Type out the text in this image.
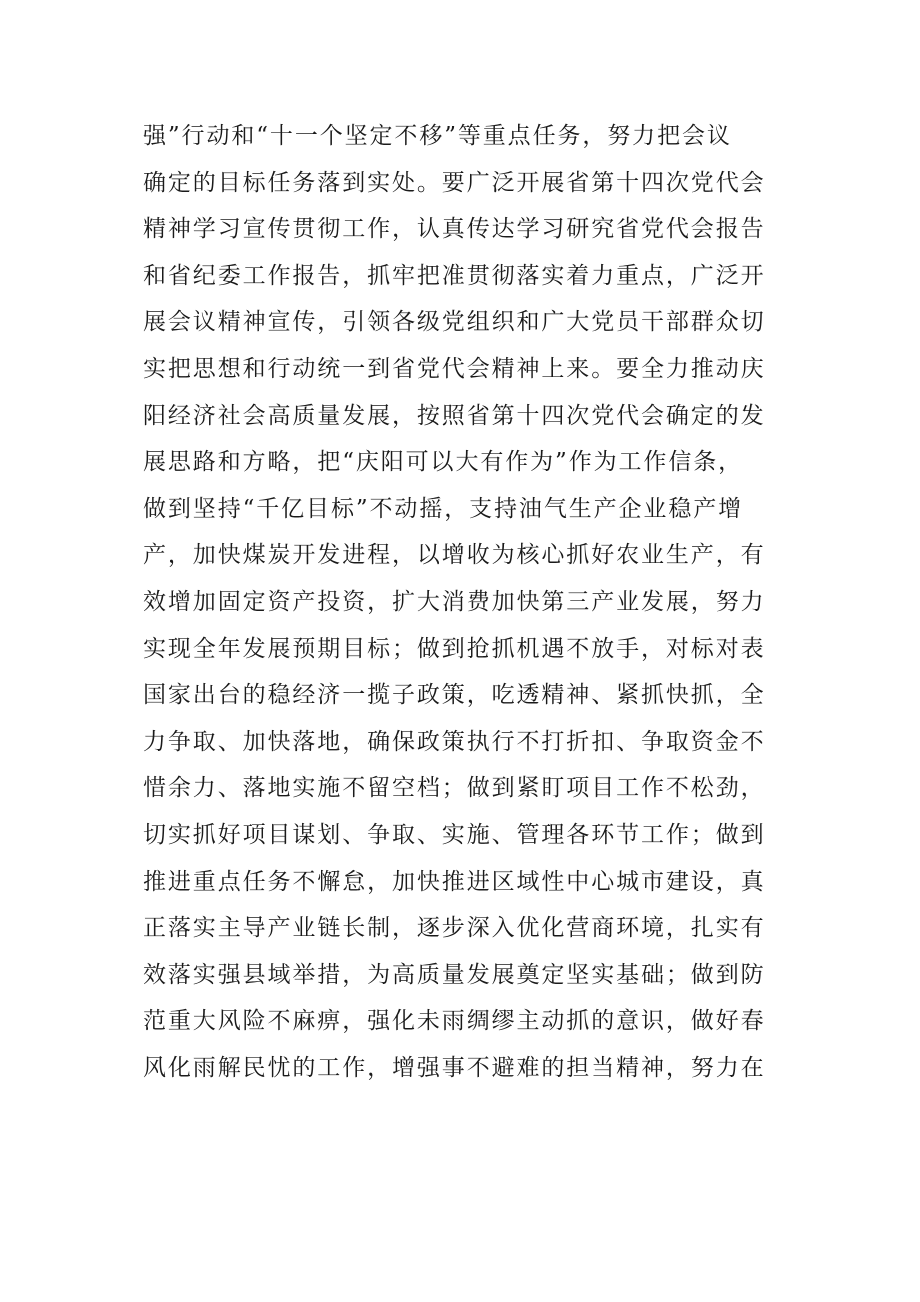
强”行动和“十一个坚定不移”等重点任务，努力把会议
确定的目标任务落到实处。要广泛开展省第十四次党代会
精神学习宣传贯彻工作，认真传达学习研究省党代会报告
和省纪委工作报告，抓牢把准贯彻落实着力重点，广泛开
展会议精神宣传，引领各级党组织和广大党员干部群众切
实把思想和行动统一到省党代会精神上来。要全力推动庆
阳经济社会高质量发展，按照省第十四次党代会确定的发
展思路和方略，把“庆阳可以大有作为”作为工作信条，
做到坚持“千亿目标”不动摇，支持油气生产企业稳产增
产，加快煤炭开发进程，以增收为核心抓好农业生产，有
效增加固定资产投资，扩大消费加快第三产业发展，努力
实现全年发展预期目标；做到抢抓机遇不放手，对标对表
国家出台的稳经济一揽子政策，吃透精神、紧抓快抓，全
力争取、加快落地，确保政策执行不打折扣、争取资金不
惜余力、落地实施不留空档；做到紧盯项目工作不松劲，
切实抓好项目谋划、争取、实施、管理各环节工作；做到
推进重点任务不懈怠，加快推进区域性中心城市建设，真
正落实主导产业链长制，逐步深入优化营商环境，扎实有
效落实强县域举措，为高质量发展奠定坚实基础；做到防
范重大风险不麻痹，强化未雨绸缪主动抓的意识，做好春
风化雨解民忧的工作，增强事不避难的担当精神，努力在
